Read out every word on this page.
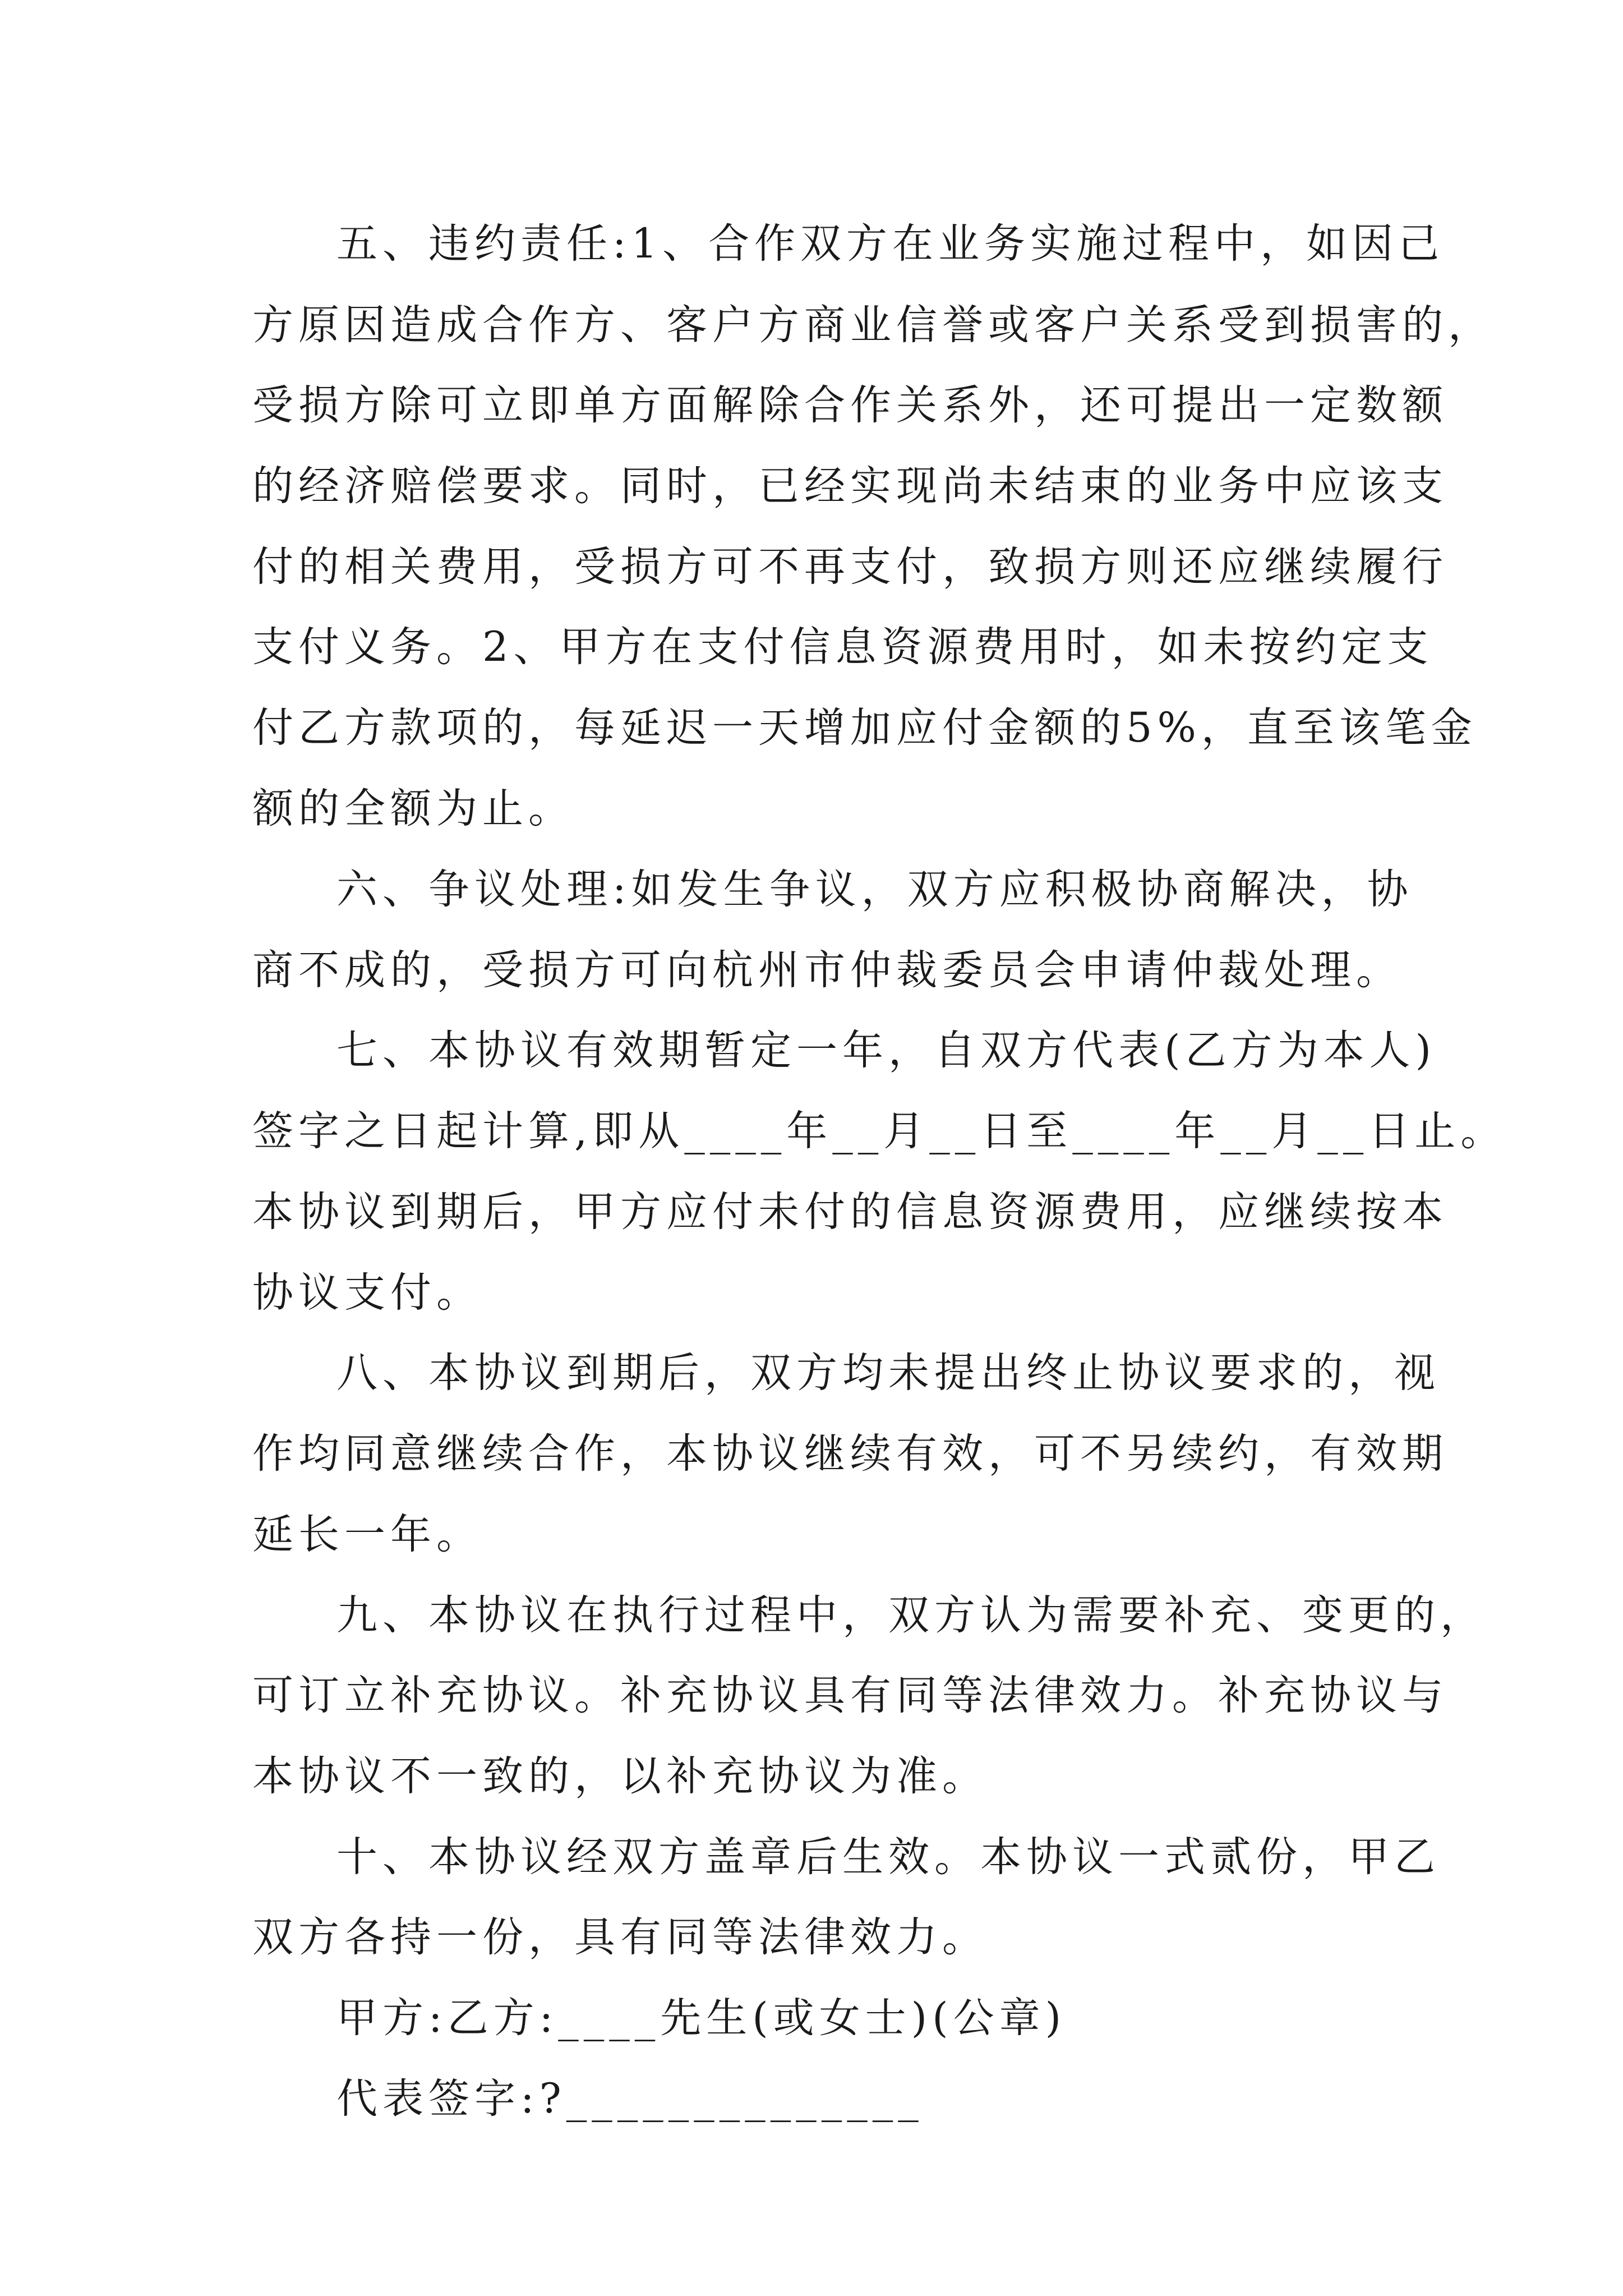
五、违约责任:1、合作双方在业务实施过程中，如因己
方原因造成合作方、客户方商业信誉或客户关系受到损害的，
受损方除可立即单方面解除合作关系外，还可提出一定数额
的经济赔偿要求。同时，已经实现尚未结束的业务中应该支
付的相关费用，受损方可不再支付，致损方则还应继续履行
支付义务。2、甲方在支付信息资源费用时，如未按约定支
付乙方款项的，每延迟一天增加应付金额的5%，直至该笔金
额的全额为止。
六、争议处理:如发生争议，双方应积极协商解决，协
商不成的，受损方可向杭州市仲裁委员会申请仲裁处理。
七、本协议有效期暂定一年，自双方代表(乙方为本人)
签字之日起计算,即从____年__月__日至____年__月__日止。
本协议到期后，甲方应付未付的信息资源费用，应继续按本
协议支付。
八、本协议到期后，双方均未提出终止协议要求的，视
作均同意继续合作，本协议继续有效，可不另续约，有效期
延长一年。
九、本协议在执行过程中，双方认为需要补充、变更的，
可订立补充协议。补充协议具有同等法律效力。补充协议与
本协议不一致的，以补充协议为准。
十、本协议经双方盖章后生效。本协议一式贰份，甲乙
双方各持一份，具有同等法律效力。
甲方:乙方:____先生(或女士)(公章)
代表签字:?______________
